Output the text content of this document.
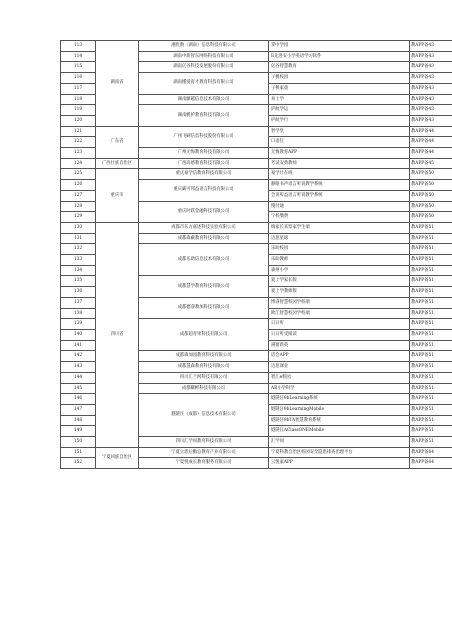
113	湖南省	湘优数（湖南）信息科技有限公司	掌中学园	教APP备43
114		湖南中新智东网络科技有限公司	E先进安小学英语学习软件	教APP备43
115		湖南亿谷科技发展股份有限公司	亿谷智慧教育	教APP备43
116		湖南懂爱育才教育科技有限公司	子桃校园	教APP备43
117			子桃家童	教APP备43
118		湖南藤越信息技术有限公司	易上学	教APP备43
119		湖南帆护教育科技有限公司	护航学运	教APP备43
120			护航学行	教APP备43
121	广东省	广州飞刷信息科技股份有限公司	智学堂	教APP备44
122			口语狂	教APP备44
123		广州无悔教育科技有限公司	无悔教育APP	教APP备44
124	广西壮族自治区	广西高感教育科技有限公司	考试安典教师	教APP备45
125	重庆市	重庆豪学信教育科技有限公司	豪学仕在线	教APP备50
126		重庆霸可邦益语言科技有限公司	静眼书声语言听说教学系统	教APP备50
127			会说听益语言听说教学系统	教APP备50
128		重庆时跃金融科技有限公司	慢付通	教APP备50
129			宁校缴费	教APP备50
130	四川省	成都市东方嘉述科技实验有限公司	梅家长来察家学生端	教APP备51
131		成都森蔽教育科技有限公司	迈思星球	教APP备51
132		成都乐助信息技术有限公司	乐助校园	教APP备51
133			乐助教师	教APP备51
134			森州小学	教APP备51
135		成都慧学教育科技有限公司	爱上学家长版	教APP备51
136			爱上学教师版	教APP备51
137		成都德睿教加科技有限公司	博睿智慧校园学校端	教APP备51
138			欧江智慧校园学校端	教APP备51
139		成都超青果科技有限公司	日日听	教APP备51
140			日日听受阅读	教APP备51
141			满窗新英	教APP备51
142		成都森加园教育科技有限公司	话会APP	教APP备51
143		成都慧森教育科技有限公司	迈思课业	教APP备51
144		四川汇兰网科技有限公司	智汇e校园	教APP备51
145		成都耀彬科技有限公司	AR小学科学	教APP备51
146		燧隧汪（成都）信息技术有限公司	燧隧汪9bLearning系统	教APP备51
147			燧隧汪9bLearningMobile	教APP备51
148			燧隧汪9bTA智慧教育系统	教APP备51
149			燧隧汪AClassONEMobile	教APP备51
150		四川汇学岗教育科技有限公司	汇学岗	教APP备51
151	宁夏回族自治区	宁夏立恩后勤总教育产业有限公司	宁夏科教自治区校园安全隐患排查治理平台	教APP备64
152		宁夏悦成长教育服务有限公司	云悦家APP	教APP备64
